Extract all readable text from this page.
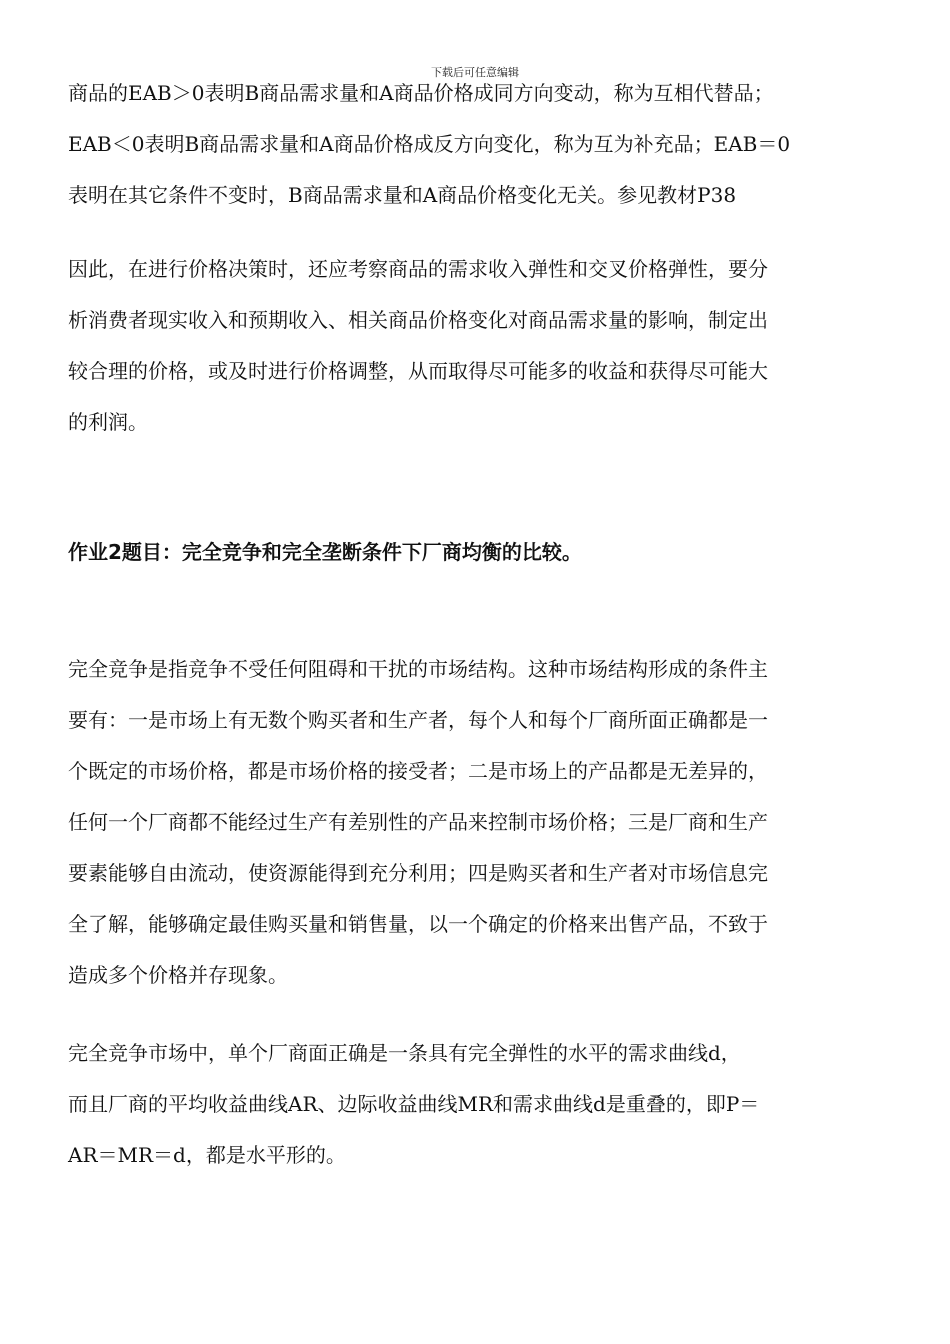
下载后可任意编辑
商品的EAB＞0表明B商品需求量和A商品价格成同方向变动，称为互相代替品；
EAB＜0表明B商品需求量和A商品价格成反方向变化，称为互为补充品；EAB＝0
表明在其它条件不变时，B商品需求量和A商品价格变化无关。参见教材P38
因此，在进行价格决策时，还应考察商品的需求收入弹性和交叉价格弹性，要分
析消费者现实收入和预期收入、相关商品价格变化对商品需求量的影响，制定出
较合理的价格，或及时进行价格调整，从而取得尽可能多的收益和获得尽可能大
的利润。
作业2题目：完全竞争和完全垄断条件下厂商均衡的比较。
完全竞争是指竞争不受任何阻碍和干扰的市场结构。这种市场结构形成的条件主
要有：一是市场上有无数个购买者和生产者，每个人和每个厂商所面正确都是一
个既定的市场价格，都是市场价格的接受者；二是市场上的产品都是无差异的，
任何一个厂商都不能经过生产有差别性的产品来控制市场价格；三是厂商和生产
要素能够自由流动，使资源能得到充分利用；四是购买者和生产者对市场信息完
全了解，能够确定最佳购买量和销售量，以一个确定的价格来出售产品，不致于
造成多个价格并存现象。
完全竞争市场中，单个厂商面正确是一条具有完全弹性的水平的需求曲线d，
而且厂商的平均收益曲线AR、边际收益曲线MR和需求曲线d是重叠的，即P＝
AR＝MR＝d，都是水平形的。
